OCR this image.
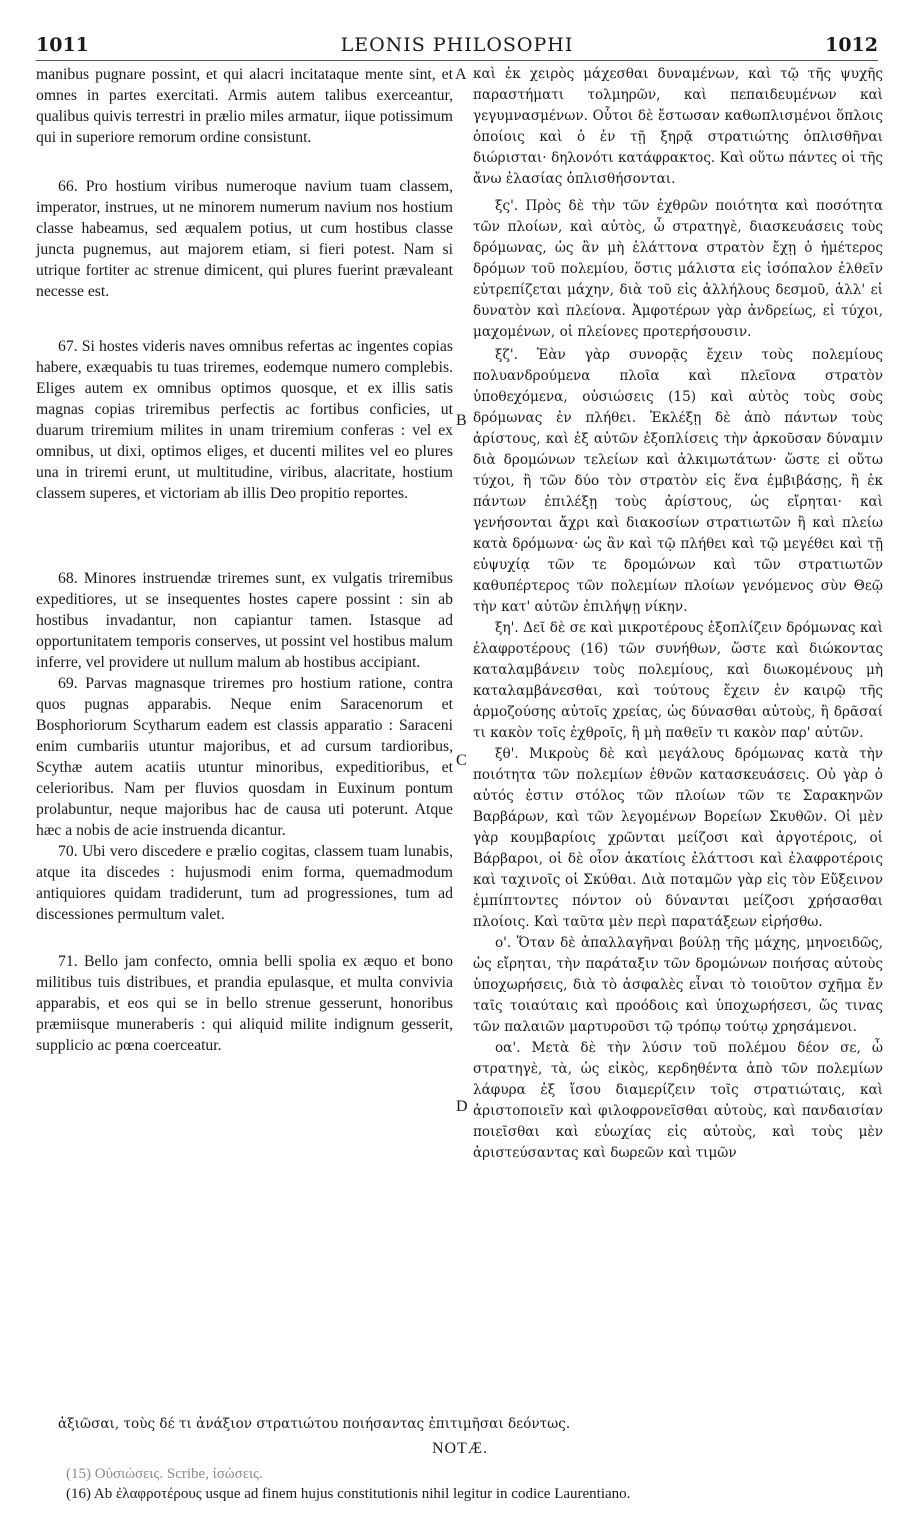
1011	LEONIS PHILOSOPHI	1012

manibus pugnare possint, et qui alacri incitataque mente sint, et omnes in partes exercitati. Armis autem talibus exerceantur, qualibus quivis terrestri in prælio miles armatur, iique potissimum qui in superiore remorum ordine consistunt.

66. Pro hostium viribus numeroque navium tuam classem, imperator, instrues, ut ne minorem numerum navium nos hostium classe habeamus, sed æqualem potius, ut cum hostibus classe juncta pugnemus, aut majorem etiam, si fieri potest. Nam si utrique fortiter ac strenue dimicent, qui plures fuerint prævaleant necesse est.

67. Si hostes videris naves omnibus refertas ac ingentes copias habere, exæquabis tu tuas triremes, eodemque numero complebis. Eliges autem ex omnibus optimos quosque, et ex illis satis magnas copias triremibus perfectis ac fortibus conficies, ut duarum triremium milites in unam triremium conferas : vel ex omnibus, ut dixi, optimos eliges, et ducenti milites vel eo plures una in triremi erunt, ut multitudine, viribus, alacritate, hostium classem superes, et victoriam ab illis Deo propitio reportes.

68. Minores instruendæ triremes sunt, ex vulgatis triremibus expeditiores, ut se insequentes hostes capere possint : sin ab hostibus invadantur, non capiantur tamen. Istasque ad opportunitatem temporis conserves, ut possint vel hostibus malum inferre, vel providere ut nullum malum ab hostibus accipiant.

69. Parvas magnasque triremes pro hostium ratione, contra quos pugnas apparabis. Neque enim Saracenorum et Bosphoriorum Scytharum eadem est classis apparatio : Saraceni enim cumbariis utuntur majoribus, et ad cursum tardioribus, Scythæ autem acatiis utuntur minoribus, expeditioribus, et celerioribus. Nam per fluvios quosdam in Euxinum pontum prolabuntur, neque majoribus hac de causa uti poterunt. Atque hæc a nobis de acie instruenda dicantur.

70. Ubi vero discedere e prælio cogitas, classem tuam lunabis, atque ita discedes : hujusmodi enim forma, quemadmodum antiquiores quidam tradiderunt, tum ad progressiones, tum ad discessiones permultum valet.

71. Bello jam confecto, omnia belli spolia ex æquo et bono militibus tuis distribues, et prandia epulasque, et multa convivia apparabis, et eos qui se in bello strenue gesserunt, honoribus præmiisque muneraberis : qui aliquid milite indignum gesserit, supplicio ac pœna coerceatur.

A
B
C
D

καὶ ἐκ χειρὸς μάχεσθαι δυναμένων, καὶ τῷ τῆς ψυχῆς παραστήματι τολμηρῶν, καὶ πεπαιδευμένων καὶ γεγυμνασμένων. Οὗτοι δὲ ἔστωσαν καθωπλισμένοι ὅπλοις ὁποίοις καὶ ὁ ἐν τῇ ξηρᾷ στρατιώτης ὁπλισθῆναι διώρισται· δηλονότι κατάφρακτος. Καὶ οὕτω πάντες οἱ τῆς ἄνω ἐλασίας ὁπλισθήσονται.

ξς'. Πρὸς δὲ τὴν τῶν ἐχθρῶν ποιότητα καὶ ποσότητα τῶν πλοίων, καὶ αὐτὸς, ὦ στρατηγὲ, διασκευάσεις τοὺς δρόμωνας, ὡς ἂν μὴ ἐλάττονα στρατὸν ἔχῃ ὁ ἡμέτερος δρόμων τοῦ πολεμίου, ὅστις μάλιστα εἰς ἰσόπαλον ἐλθεῖν εὐτρεπίζεται μάχην, διὰ τοῦ εἰς ἀλλήλους δεσμοῦ, ἀλλ' εἰ δυνατὸν καὶ πλείονα. Ἀμφοτέρων γὰρ ἀνδρείως, εἰ τύχοι, μαχομένων, οἱ πλείονες προτερήσουσιν.

ξζ'. Ἐὰν γὰρ συνορᾷς ἔχειν τοὺς πολεμίους πολυανδρούμενα πλοῖα καὶ πλεῖονα στρατὸν ὑποθεχόμενα, οὐσιώσεις (15) καὶ αὐτὸς τοὺς σοὺς δρόμωνας ἐν πλήθει. Ἐκλέξῃ δὲ ἀπὸ πάντων τοὺς ἀρίστους, καὶ ἐξ αὐτῶν ἐξοπλίσεις τὴν ἀρκοῦσαν δύναμιν διὰ δρομώνων τελείων καὶ ἀλκιμωτάτων· ὥστε εἰ οὕτω τύχοι, ἢ τῶν δύο τὸν στρατὸν εἰς ἕνα ἐμβιβάσῃς, ἢ ἐκ πάντων ἐπιλέξῃ τοὺς ἀρίστους, ὡς εἴρηται· καὶ γενήσονται ἄχρι καὶ διακοσίων στρατιωτῶν ἢ καὶ πλείω κατὰ δρόμωνα· ὡς ἂν καὶ τῷ πλήθει καὶ τῷ μεγέθει καὶ τῇ εὐψυχίᾳ τῶν τε δρομώνων καὶ τῶν στρατιωτῶν καθυπέρτερος τῶν πολεμίων πλοίων γενόμενος σὺν Θεῷ τὴν κατ' αὐτῶν ἐπιλήψῃ νίκην.

ξη'. Δεῖ δὲ σε καὶ μικροτέρους ἐξοπλίζειν δρόμωνας καὶ ἐλαφροτέρους (16) τῶν συνήθων, ὥστε καὶ διώκοντας καταλαμβάνειν τοὺς πολεμίους, καὶ διωκομένους μὴ καταλαμβάνεσθαι, καὶ τούτους ἔχειν ἐν καιρῷ τῆς ἁρμοζούσης αὐτοῖς χρείας, ὡς δύνασθαι αὐτοὺς, ἢ δρᾶσαί τι κακὸν τοῖς ἐχθροῖς, ἢ μὴ παθεῖν τι κακὸν παρ' αὐτῶν.

ξθ'. Μικροὺς δὲ καὶ μεγάλους δρόμωνας κατὰ τὴν ποιότητα τῶν πολεμίων ἐθνῶν κατασκευάσεις. Οὐ γὰρ ὁ αὐτός ἐστιν στόλος τῶν πλοίων τῶν τε Σαρακηνῶν Βαρβάρων, καὶ τῶν λεγομένων Βορείων Σκυθῶν. Οἱ μὲν γὰρ κουμβαρίοις χρῶνται μείζοσι καὶ ἀργοτέροις, οἱ Βάρβαροι, οἱ δὲ οἷον ἀκατίοις ἐλάττοσι καὶ ἐλαφροτέροις καὶ ταχινοῖς οἱ Σκύθαι. Διὰ ποταμῶν γὰρ εἰς τὸν Εὔξεινον ἐμπίπτοντες πόντον οὐ δύνανται μείζοσι χρήσασθαι πλοίοις. Καὶ ταῦτα μὲν περὶ παρατάξεων εἰρήσθω.

ο'. Ὅταν δὲ ἀπαλλαγῆναι βούλῃ τῆς μάχης, μηνοειδῶς, ὡς εἴρηται, τὴν παράταξιν τῶν δρομώνων ποιήσας αὐτοὺς ὑποχωρήσεις, διὰ τὸ ἀσφαλὲς εἶναι τὸ τοιοῦτον σχῆμα ἔν ταῖς τοιαύταις καὶ προόδοις καὶ ὑποχωρήσεσι, ὥς τινας τῶν παλαιῶν μαρτυροῦσι τῷ τρόπῳ τούτῳ χρησάμενοι.

οα'. Μετὰ δὲ τὴν λύσιν τοῦ πολέμου δέον σε, ὦ στρατηγὲ, τὰ, ὡς εἰκὸς, κερδηθέντα ἀπὸ τῶν πολεμίων λάφυρα ἐξ ἴσου διαμερίζειν τοῖς στρατιώταις, καὶ ἀριστοποιεῖν καὶ φιλοφρονεῖσθαι αὐτοὺς, καὶ πανδαισίαν ποιεῖσθαι καὶ εὐωχίας εἰς αὐτοὺς, καὶ τοὺς μὲν ἀριστεύσαντας καὶ δωρεῶν καὶ τιμῶν

ἀξιῶσαι, τοὺς δέ τι ἀνάξιον στρατιώτου ποιήσαντας ἐπιτιμῆσαι δεόντως.
NOTÆ.

(15) Οὐσιώσεις. Scribe, ἰσώσεις.

(16) Ab ἐλαφροτέρους usque ad finem hujus constitutionis nihil legitur in codice Laurentiano.
